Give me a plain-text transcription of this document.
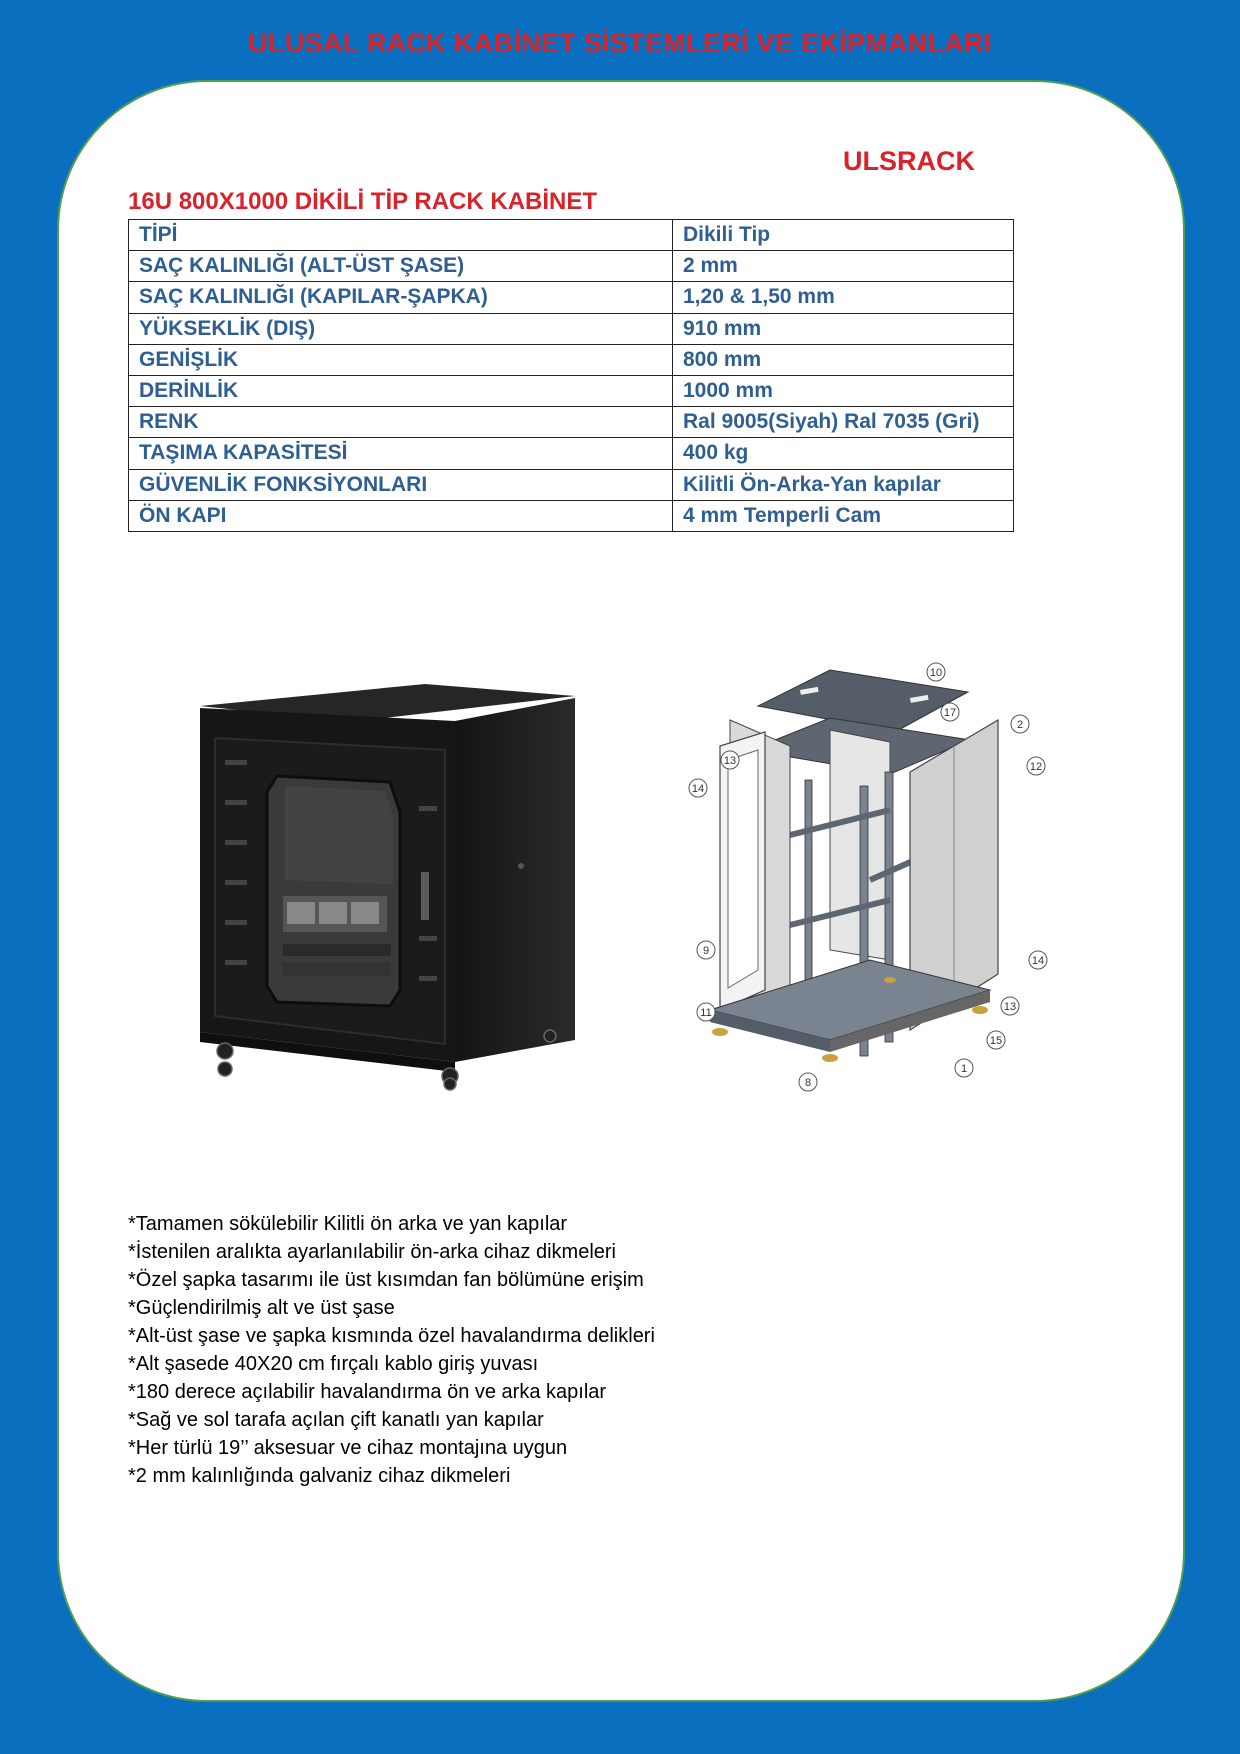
ULUSAL RACK KABİNET SİSTEMLERİ VE EKİPMANLARI
ULSRACK
16U 800X1000 DİKİLİ TİP RACK KABİNET
TİPİ	Dikili Tip
SAÇ KALINLIĞI (ALT-ÜST ŞASE)	2 mm
SAÇ KALINLIĞI (KAPILAR-ŞAPKA)	1,20 & 1,50 mm
YÜKSEKLİK (DIŞ)	910 mm
GENİŞLİK	800 mm
DERİNLİK	1000 mm
RENK	Ral 9005(Siyah) Ral 7035 (Gri)
TAŞIMA KAPASİTESİ	400 kg
GÜVENLİK FONKSİYONLARI	Kilitli Ön-Arka-Yan kapılar
ÖN KAPI	4 mm Temperli Cam
10
17
2
13	12
14
9
14
11	13
15
8
1
*Tamamen sökülebilir Kilitli ön arka ve yan kapılar
*İstenilen aralıkta ayarlanılabilir ön-arka cihaz dikmeleri
*Özel şapka tasarımı ile üst kısımdan fan bölümüne erişim
*Güçlendirilmiş alt ve üst şase
*Alt-üst şase ve şapka kısmında özel havalandırma delikleri
*Alt şasede 40X20 cm fırçalı kablo giriş yuvası
*180 derece açılabilir havalandırma ön ve arka kapılar
*Sağ ve sol tarafa açılan çift kanatlı yan kapılar
*Her türlü 19’’ aksesuar ve cihaz montajına uygun
*2 mm kalınlığında galvaniz cihaz dikmeleri
